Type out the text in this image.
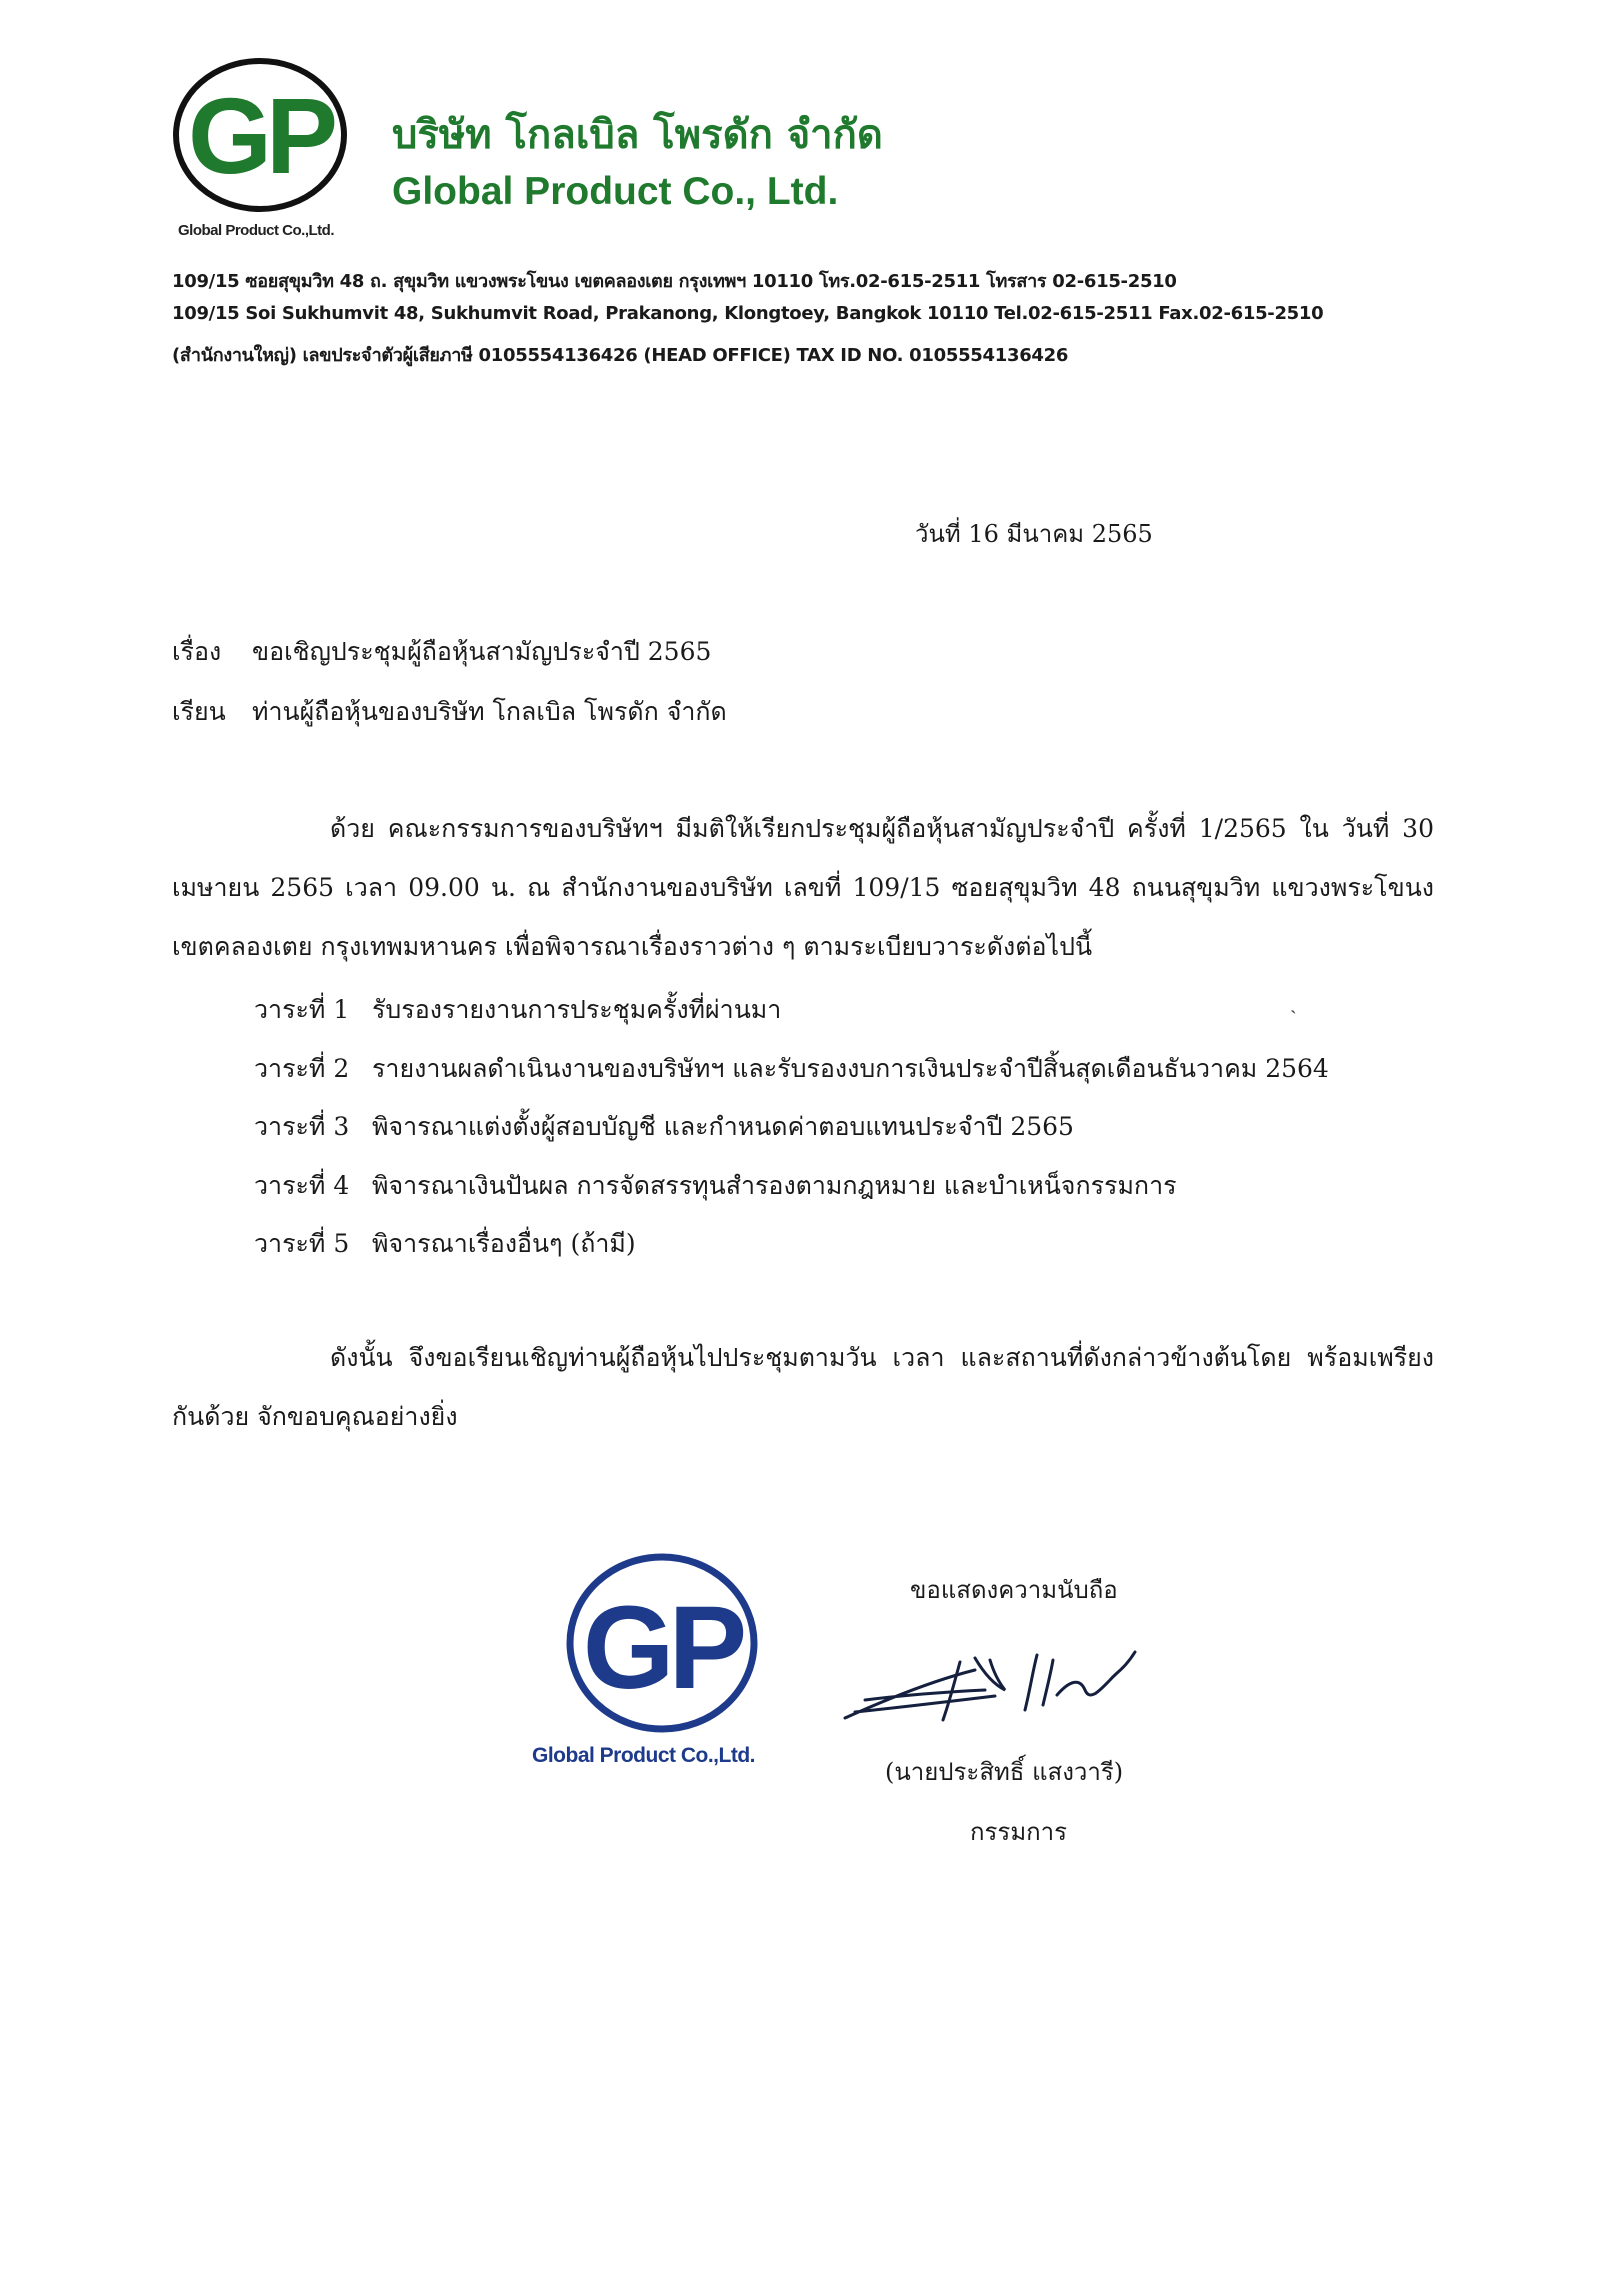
GP
Global Product Co.,Ltd.
บริษัท โกลเบิล โพรดัก จำกัด
Global Product Co., Ltd.
109/15 ซอยสุขุมวิท 48 ถ. สุขุมวิท แขวงพระโขนง เขตคลองเตย กรุงเทพฯ 10110 โทร.02-615-2511 โทรสาร 02-615-2510
109/15 Soi Sukhumvit 48, Sukhumvit Road, Prakanong, Klongtoey, Bangkok 10110 Tel.02-615-2511 Fax.02-615-2510
(สำนักงานใหญ่) เลขประจำตัวผู้เสียภาษี 0105554136426 (HEAD OFFICE) TAX ID NO. 0105554136426
วันที่ 16 มีนาคม 2565
เรื่อง ขอเชิญประชุมผู้ถือหุ้นสามัญประจำปี 2565
เรียน ท่านผู้ถือหุ้นของบริษัท โกลเบิล โพรดัก จำกัด
ด้วย คณะกรรมการของบริษัทฯ มีมติให้เรียกประชุมผู้ถือหุ้นสามัญประจำปี ครั้งที่ 1/2565 ใน วันที่ 30 เมษายน 2565 เวลา 09.00 น. ณ สำนักงานของบริษัท เลขที่ 109/15 ซอยสุขุมวิท 48 ถนนสุขุมวิท แขวงพระโขนง เขตคลองเตย กรุงเทพมหานคร เพื่อพิจารณาเรื่องราวต่าง ๆ ตามระเบียบวาระดังต่อไปนี้
วาระที่ 1 รับรองรายงานการประชุมครั้งที่ผ่านมา
วาระที่ 2 รายงานผลดำเนินงานของบริษัทฯ และรับรองงบการเงินประจำปีสิ้นสุดเดือนธันวาคม 2564
วาระที่ 3 พิจารณาแต่งตั้งผู้สอบบัญชี และกำหนดค่าตอบแทนประจำปี 2565
วาระที่ 4 พิจารณาเงินปันผล การจัดสรรทุนสำรองตามกฎหมาย และบำเหน็จกรรมการ
วาระที่ 5 พิจารณาเรื่องอื่นๆ (ถ้ามี)
ˏ
ดังนั้น จึงขอเรียนเชิญท่านผู้ถือหุ้นไปประชุมตามวัน เวลา และสถานที่ดังกล่าวข้างต้นโดย พร้อมเพรียงกันด้วย จักขอบคุณอย่างยิ่ง
GP
Global Product Co.,Ltd.
ขอแสดงความนับถือ
(นายประสิทธิ์ แสงวารี)
กรรมการ
